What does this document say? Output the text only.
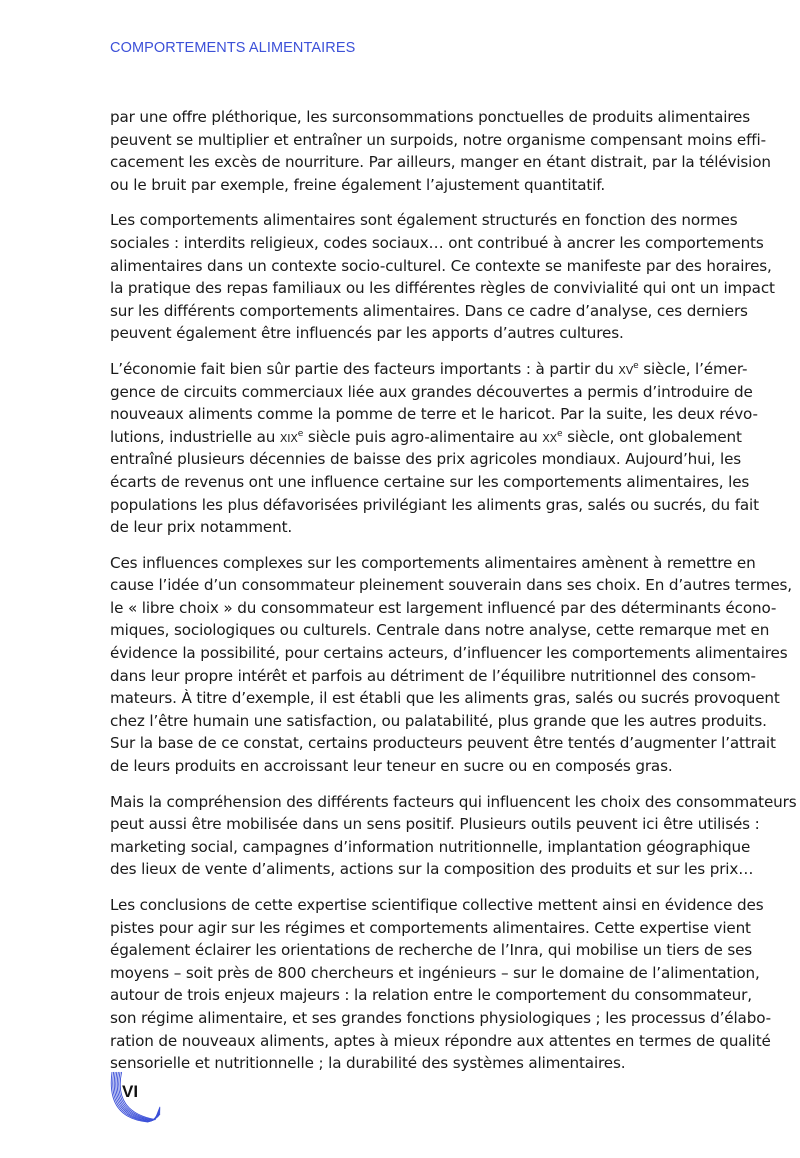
COMPORTEMENTS ALIMENTAIRES
par une offre pléthorique, les surconsommations ponctuelles de produits alimentaires
peuvent se multiplier et entraîner un surpoids, notre organisme compensant moins effi-
cacement les excès de nourriture. Par ailleurs, manger en étant distrait, par la télévision
ou le bruit par exemple, freine également l’ajustement quantitatif.
Les comportements alimentaires sont également structurés en fonction des normes
sociales : interdits religieux, codes sociaux… ont contribué à ancrer les comportements
alimentaires dans un contexte socio-culturel. Ce contexte se manifeste par des horaires,
la pratique des repas familiaux ou les différentes règles de convivialité qui ont un impact
sur les différents comportements alimentaires. Dans ce cadre d’analyse, ces derniers
peuvent également être influencés par les apports d’autres cultures.
L’économie fait bien sûr partie des facteurs importants : à partir du $xv^e$ siècle, l’émer-
gence de circuits commerciaux liée aux grandes découvertes a permis d’introduire de
nouveaux aliments comme la pomme de terre et le haricot. Par la suite, les deux révo-
lutions, industrielle au xix$^e$ siècle puis agro-alimentaire au $xx^e$ siècle, ont globalement
entraîné plusieurs décennies de baisse des prix agricoles mondiaux. Aujourd’hui, les
écarts de revenus ont une influence certaine sur les comportements alimentaires, les
populations les plus défavorisées privilégiant les aliments gras, salés ou sucrés, du fait
de leur prix notamment.
Ces influences complexes sur les comportements alimentaires amènent à remettre en
cause l’idée d’un consommateur pleinement souverain dans ses choix. En d’autres termes,
le « libre choix » du consommateur est largement influencé par des déterminants écono-
miques, sociologiques ou culturels. Centrale dans notre analyse, cette remarque met en
évidence la possibilité, pour certains acteurs, d’influencer les comportements alimentaires
dans leur propre intérêt et parfois au détriment de l’équilibre nutritionnel des consom-
mateurs. À titre d’exemple, il est établi que les aliments gras, salés ou sucrés provoquent
chez l’être humain une satisfaction, ou palatabilité, plus grande que les autres produits.
Sur la base de ce constat, certains producteurs peuvent être tentés d’augmenter l’attrait
de leurs produits en accroissant leur teneur en sucre ou en composés gras.
Mais la compréhension des différents facteurs qui influencent les choix des consommateurs
peut aussi être mobilisée dans un sens positif. Plusieurs outils peuvent ici être utilisés :
marketing social, campagnes d’information nutritionnelle, implantation géographique
des lieux de vente d’aliments, actions sur la composition des produits et sur les prix…
Les conclusions de cette expertise scientifique collective mettent ainsi en évidence des
pistes pour agir sur les régimes et comportements alimentaires. Cette expertise vient
également éclairer les orientations de recherche de l’Inra, qui mobilise un tiers de ses
moyens – soit près de 800 chercheurs et ingénieurs – sur le domaine de l’alimentation,
autour de trois enjeux majeurs : la relation entre le comportement du consommateur,
son régime alimentaire, et ses grandes fonctions physiologiques ; les processus d’élabo-
ration de nouveaux aliments, aptes à mieux répondre aux attentes en termes de qualité
sensorielle et nutritionnelle ; la durabilité des systèmes alimentaires.
VI
